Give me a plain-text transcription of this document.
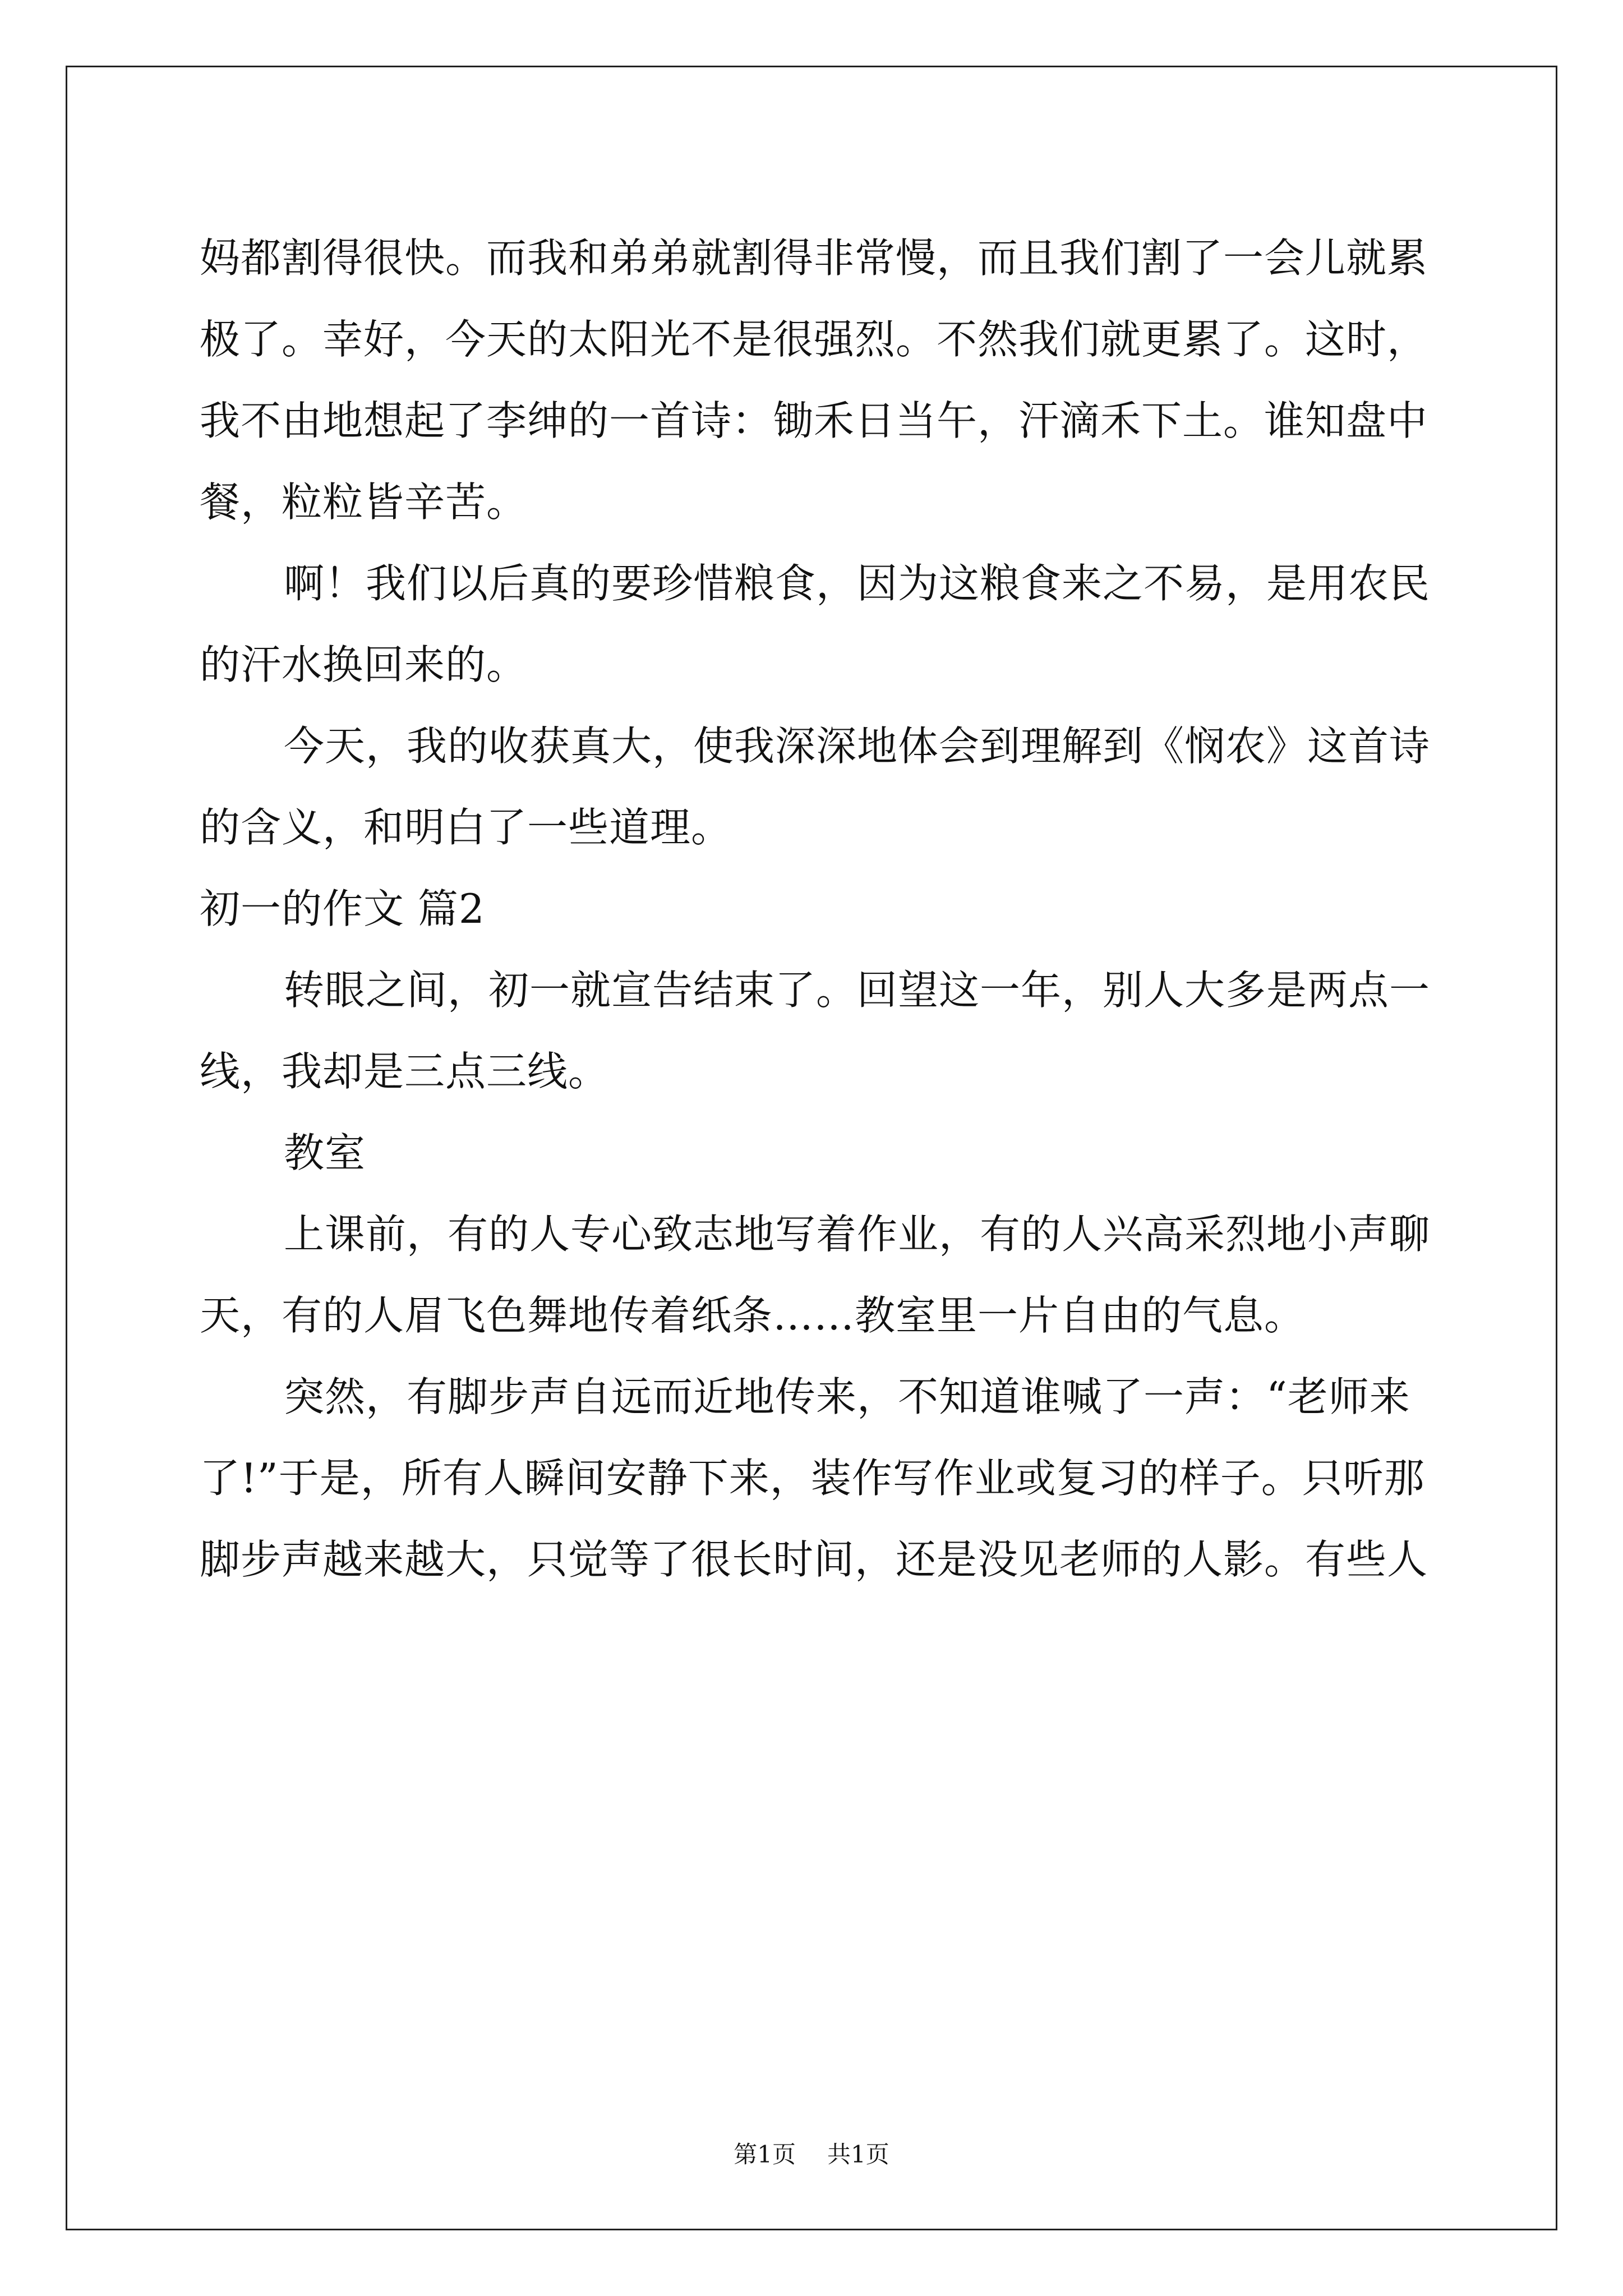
妈都割得很快。而我和弟弟就割得非常慢，而且我们割了一会儿就累
极了。幸好，今天的太阳光不是很强烈。不然我们就更累了。这时，
我不由地想起了李绅的一首诗：锄禾日当午，汗滴禾下土。谁知盘中
餐，粒粒皆辛苦。
啊！我们以后真的要珍惜粮食，因为这粮食来之不易，是用农民
的汗水换回来的。
今天，我的收获真大，使我深深地体会到理解到《悯农》这首诗
的含义，和明白了一些道理。
初一的作文 篇2
转眼之间，初一就宣告结束了。回望这一年，别人大多是两点一
线，我却是三点三线。
教室
上课前，有的人专心致志地写着作业，有的人兴高采烈地小声聊
天，有的人眉飞色舞地传着纸条……教室里一片自由的气息。
突然，有脚步声自远而近地传来，不知道谁喊了一声：“老师来
了!”于是，所有人瞬间安静下来，装作写作业或复习的样子。只听那
脚步声越来越大，只觉等了很长时间，还是没见老师的人影。有些人
第1页 共1页
